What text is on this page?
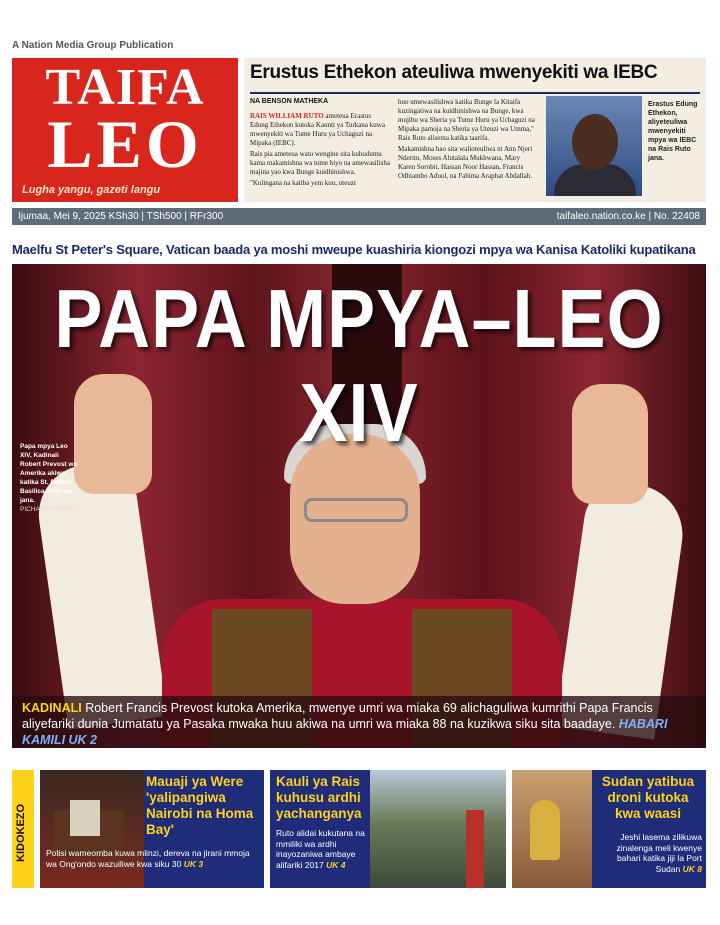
A Nation Media Group Publication
TAIFA
LEO
Lugha yangu, gazeti langu
Erustus Ethekon ateuliwa mwenyekiti wa IEBC
NA BENSON MATHEKA

RAIS WILLIAM RUTO ameteua Erastus Edung Ethekon kutoka Kaunti ya Turkana kuwa mwenyekiti wa Tume Huru ya Uchaguzi na Mipaka (IEBC).

Rais pia ameteua watu wengine sita kuhudumu kama makamishna wa tume hiyo na amewasilisha majina yao kwa Bunge kuidhinishwa.

"Kulingana na katiba yetu kuu, uteuzi

huo umewasilishwa katika Bunge la Kitaifa kuzingatiwa na kuidhinishwa na Bunge, kwa mujibu wa Sheria ya Tume Huru ya Uchaguzi na Mipaka pamoja na Sheria ya Uteuzi wa Umma," Rais Ruto alisema katika taarifa.

Makamishna hao sita walioteuliwa ni Ann Njeri Nderitu, Moses Alutalala Mukhwana, Mary Karen Sorobit, Hassan Noor Hassan, Francis Odhiambo Aduol, na Fahima Araphat Abdallah.

Erastus Edung Ethekon, aliyeteuliwa mwenyekiti mpya wa IEBC na Rais Ruto jana.
Ijumaa, Mei 9, 2025 KSh30 | TSh500 | RFr300	taifaleo.nation.co.ke | No. 22408
Maelfu St Peter's Square, Vatican baada ya moshi mweupe kuashiria kiongozi mpya wa Kanisa Katoliki kupatikana
PAPA MPYA–LEO XIV
Papa mpya Leo XIV, Kadinali Robert Prevost wa Amerika akiwa katika St. Peter's Basilica, Vatican, jana. PICHA/REUTERS
KADINALI Robert Francis Prevost kutoka Amerika, mwenye umri wa miaka 69 alichaguliwa kumrithi Papa Francis aliyefariki dunia Jumatatu ya Pasaka mwaka huu akiwa na umri wa miaka 88 na kuzikwa siku sita baadaye. HABARI KAMILI UK 2
KIDOKEZO
Mauaji ya Were 'yalipangiwa Nairobi na Homa Bay'
Polisi wameomba kuwa mlinzi, dereva na jirani mmoja wa Ong'ondo wazuiliwe kwa siku 30 UK 3
Kauli ya Rais kuhusu ardhi yachanganya
Ruto alidai kukutana na mmiliki wa ardhi inayozaniwa ambaye alifariki 2017 UK 4
Sudan yatibua droni kutoka kwa waasi
Jeshi lasema zilikuwa zinalenga meli kwenye bahari katika jiji la Port Sudan UK 8
